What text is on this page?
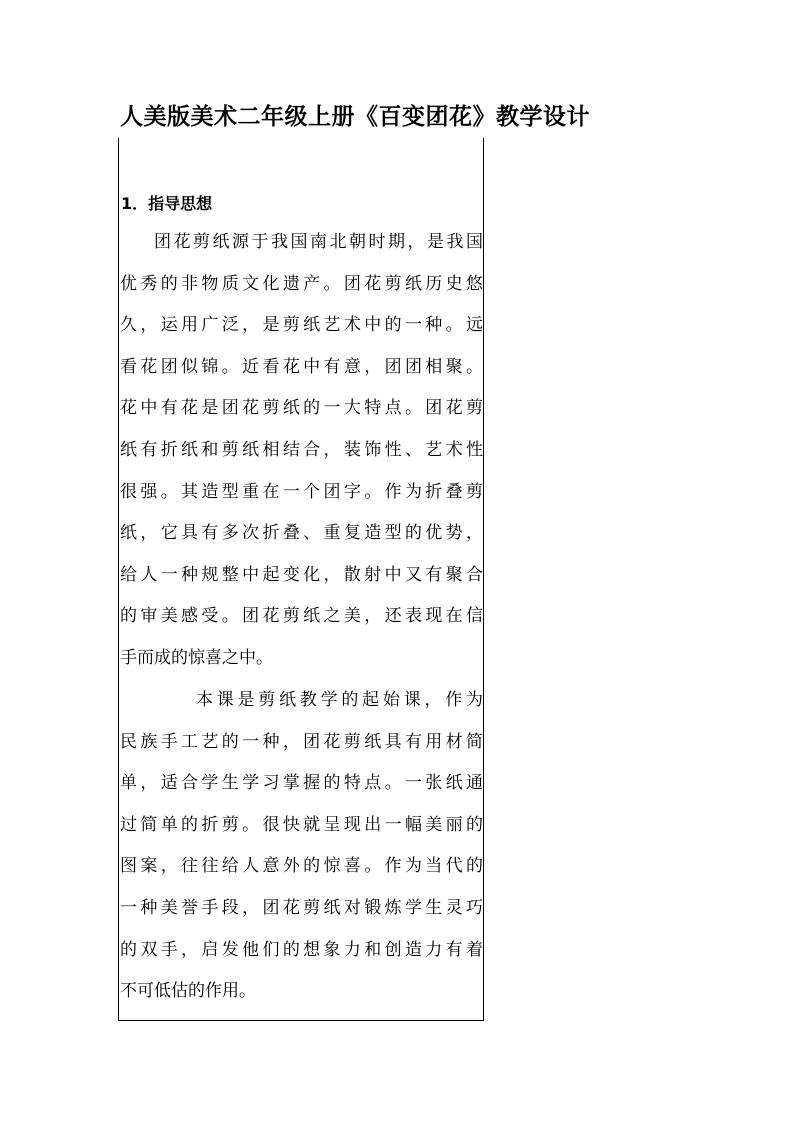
人美版美术二年级上册《百变团花》教学设计
1．指导思想
团花剪纸源于我国南北朝时期，是我国
优秀的非物质文化遗产。团花剪纸历史悠
久，运用广泛，是剪纸艺术中的一种。远
看花团似锦。近看花中有意，团团相聚。
花中有花是团花剪纸的一大特点。团花剪
纸有折纸和剪纸相结合，装饰性、艺术性
很强。其造型重在一个团字。作为折叠剪
纸，它具有多次折叠、重复造型的优势，
给人一种规整中起变化，散射中又有聚合
的审美感受。团花剪纸之美，还表现在信
手而成的惊喜之中。
本课是剪纸教学的起始课，作为
民族手工艺的一种，团花剪纸具有用材简
单，适合学生学习掌握的特点。一张纸通
过简单的折剪。很快就呈现出一幅美丽的
图案，往往给人意外的惊喜。作为当代的
一种美誉手段，团花剪纸对锻炼学生灵巧
的双手，启发他们的想象力和创造力有着
不可低估的作用。
